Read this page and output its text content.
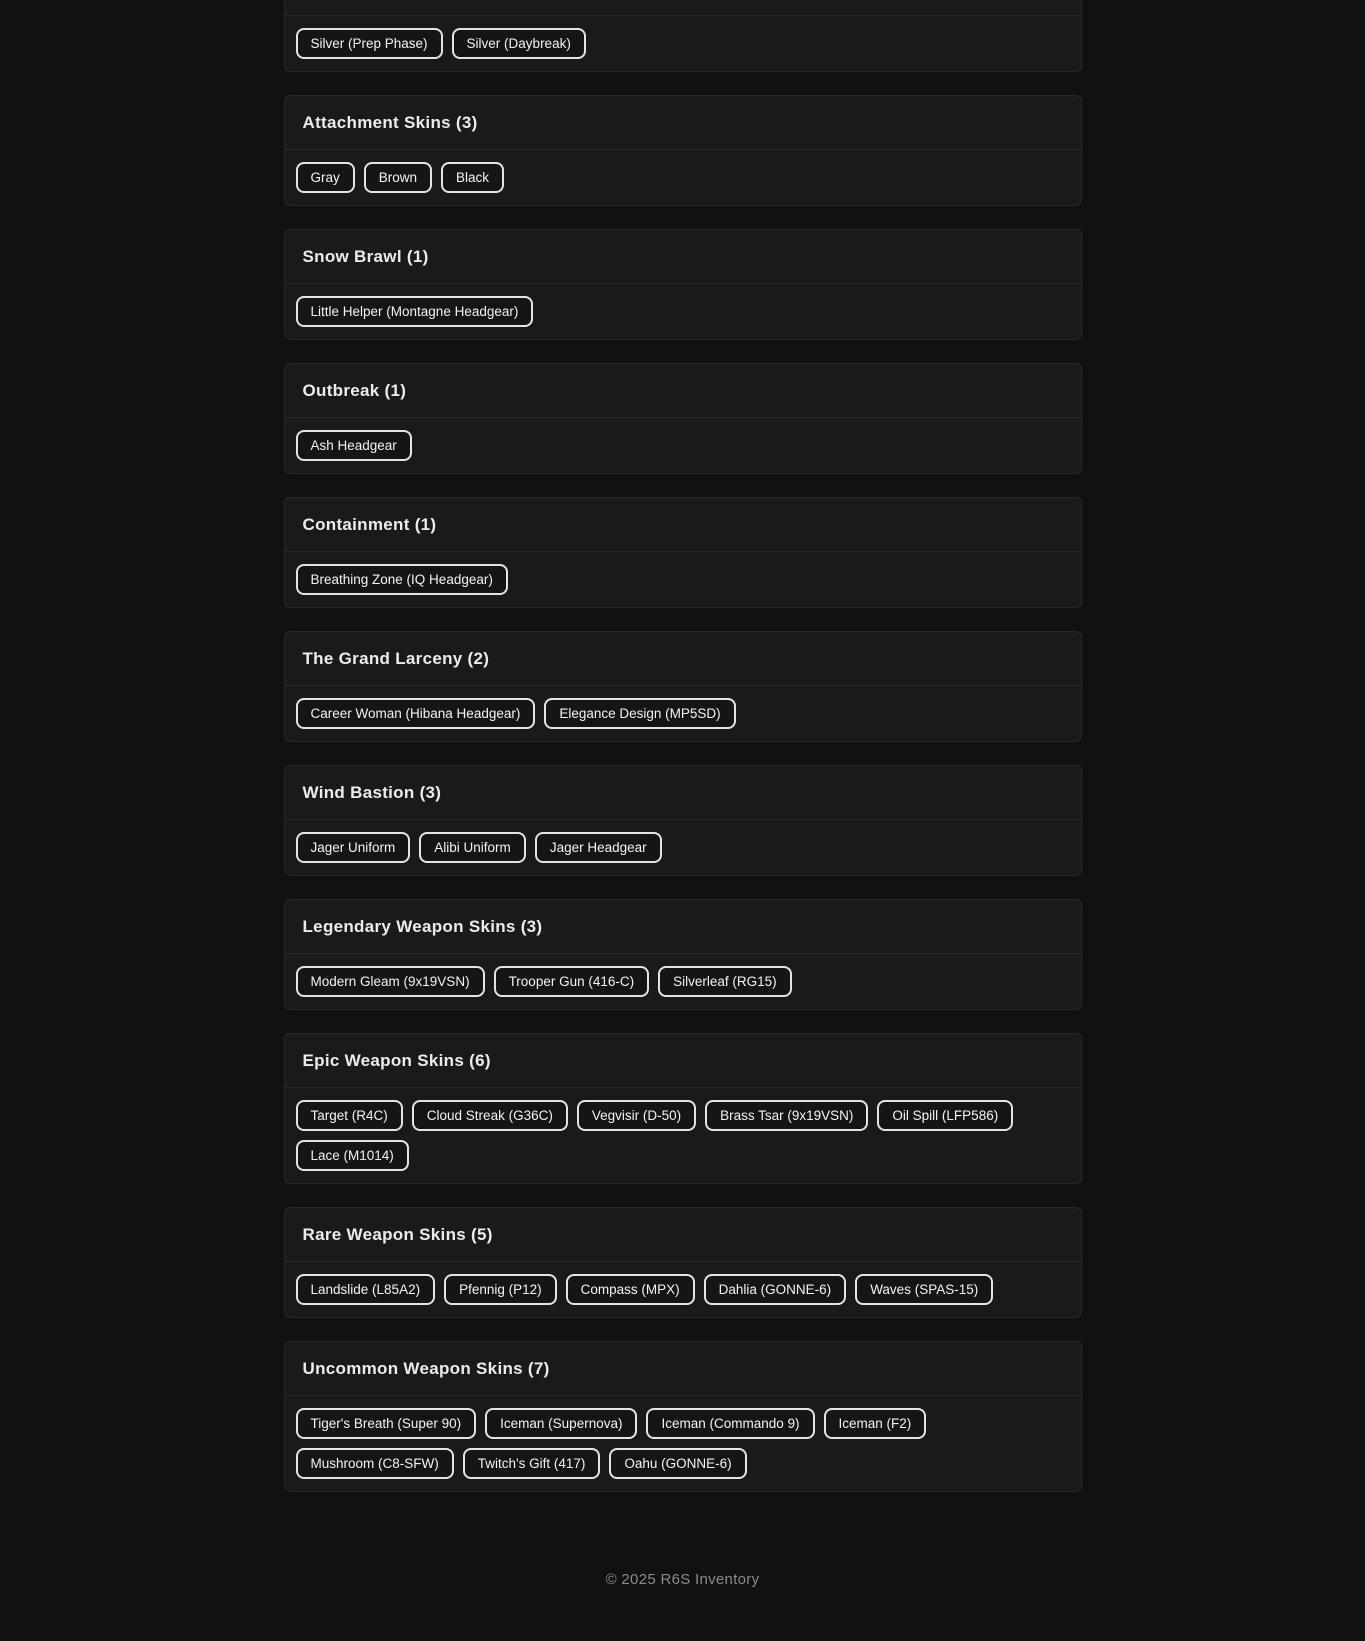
Silver (Prep Phase)	Silver (Daybreak)
Attachment Skins (3)
Gray	Brown	Black
Snow Brawl (1)
Little Helper (Montagne Headgear)
Outbreak (1)
Ash Headgear
Containment (1)
Breathing Zone (IQ Headgear)
The Grand Larceny (2)
Career Woman (Hibana Headgear)	Elegance Design (MP5SD)
Wind Bastion (3)
Jager Uniform	Alibi Uniform	Jager Headgear
Legendary Weapon Skins (3)
Modern Gleam (9x19VSN)	Trooper Gun (416-C)	Silverleaf (RG15)
Epic Weapon Skins (6)
Target (R4C)	Cloud Streak (G36C)	Vegvisir (D-50)	Brass Tsar (9x19VSN)	Oil Spill (LFP586)
Lace (M1014)
Rare Weapon Skins (5)
Landslide (L85A2)	Pfennig (P12)	Compass (MPX)	Dahlia (GONNE-6)	Waves (SPAS-15)
Uncommon Weapon Skins (7)
Tiger's Breath (Super 90)	Iceman (Supernova)	Iceman (Commando 9)	Iceman (F2)
Mushroom (C8-SFW)	Twitch's Gift (417)	Oahu (GONNE-6)
© 2025 R6S Inventory
